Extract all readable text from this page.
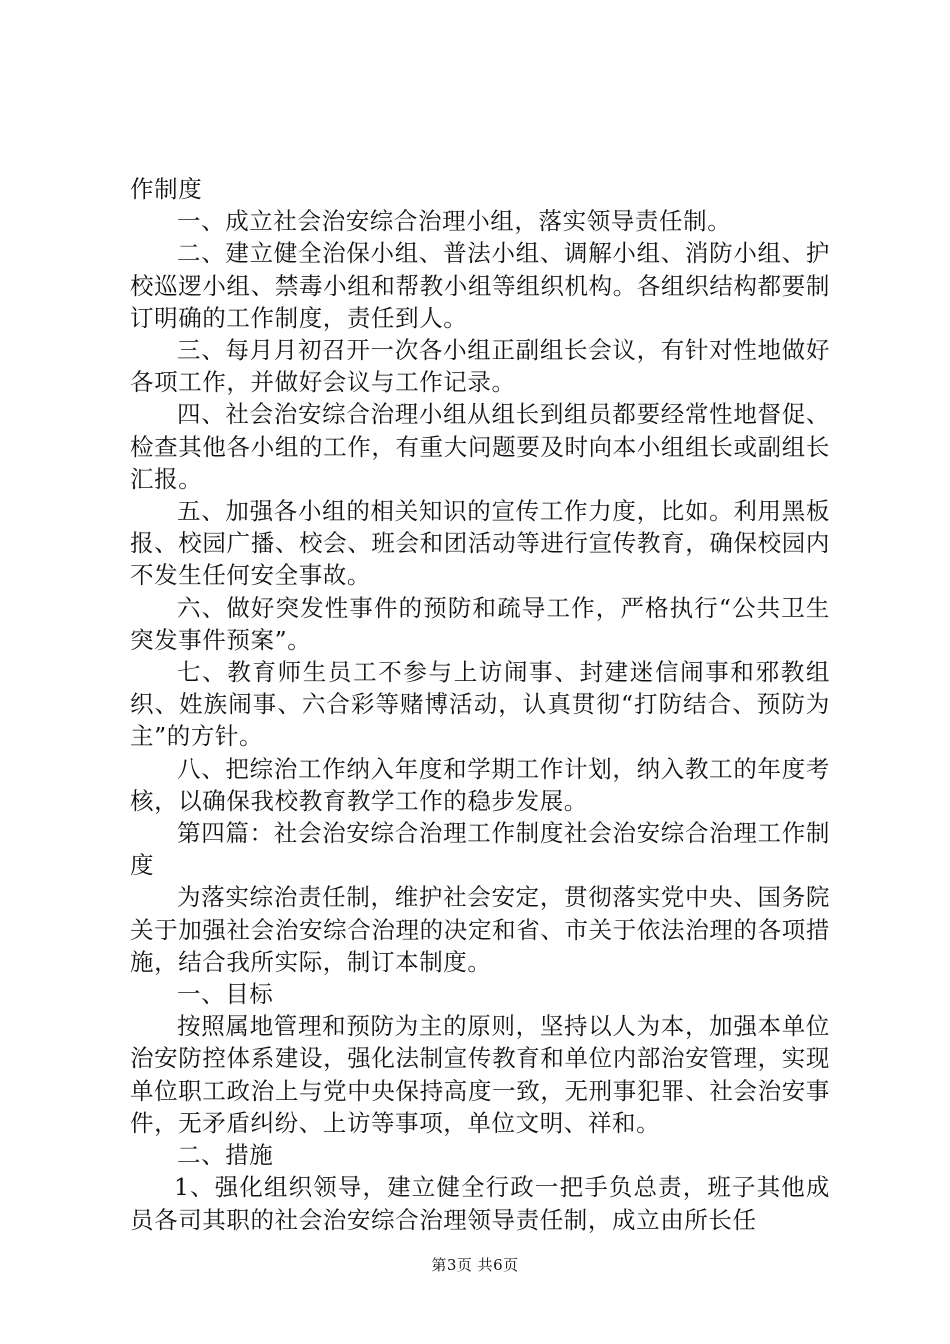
作制度

一、成立社会治安综合治理小组，落实领导责任制。

二、建立健全治保小组、普法小组、调解小组、消防小组、护校巡逻小组、禁毒小组和帮教小组等组织机构。各组织结构都要制订明确的工作制度，责任到人。

三、每月月初召开一次各小组正副组长会议，有针对性地做好各项工作，并做好会议与工作记录。

四、社会治安综合治理小组从组长到组员都要经常性地督促、检查其他各小组的工作，有重大问题要及时向本小组组长或副组长汇报。

五、加强各小组的相关知识的宣传工作力度，比如。利用黑板报、校园广播、校会、班会和团活动等进行宣传教育，确保校园内不发生任何安全事故。

六、做好突发性事件的预防和疏导工作，严格执行“公共卫生突发事件预案”。

七、教育师生员工不参与上访闹事、封建迷信闹事和邪教组织、姓族闹事、六合彩等赌博活动，认真贯彻“打防结合、预防为主”的方针。

八、把综治工作纳入年度和学期工作计划，纳入教工的年度考核，以确保我校教育教学工作的稳步发展。

第四篇：社会治安综合治理工作制度社会治安综合治理工作制度

为落实综治责任制，维护社会安定，贯彻落实党中央、国务院关于加强社会治安综合治理的决定和省、市关于依法治理的各项措施，结合我所实际，制订本制度。

一、目标

按照属地管理和预防为主的原则，坚持以人为本，加强本单位治安防控体系建设，强化法制宣传教育和单位内部治安管理，实现单位职工政治上与党中央保持高度一致，无刑事犯罪、社会治安事件，无矛盾纠纷、上访等事项，单位文明、祥和。

二、措施

1、强化组织领导，建立健全行政一把手负总责，班子其他成员各司其职的社会治安综合治理领导责任制，成立由所长任

第3页 共6页
